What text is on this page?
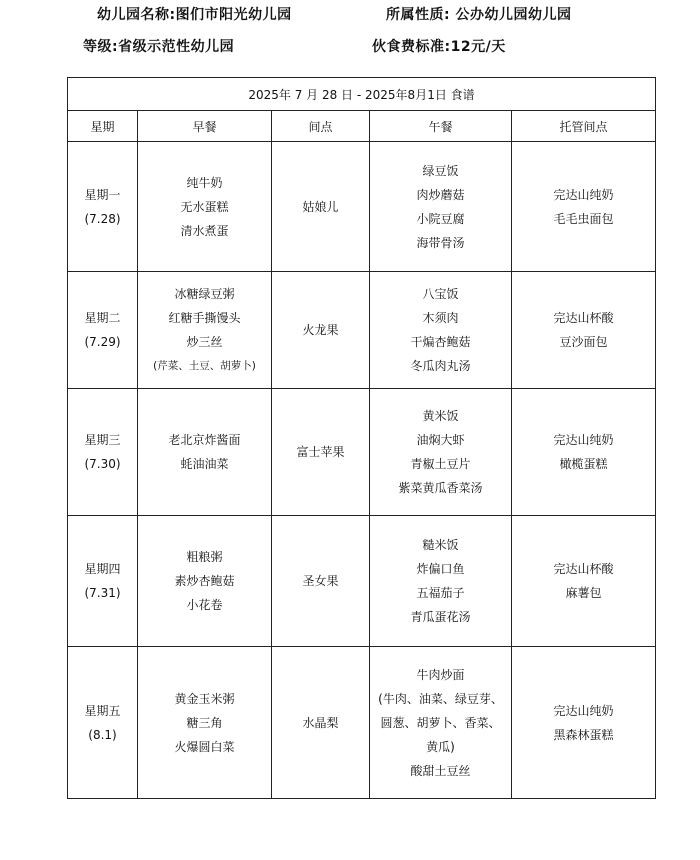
幼儿园名称:图们市阳光幼儿园	所属性质: 公办幼儿园幼儿园
等级:省级示范性幼儿园	伙食费标准:12元/天
2025年 7 月 28 日 - 2025年8月1日 食谱				
星期	早餐	间点	午餐	托管间点

星期一
(7.28)	纯牛奶
无水蛋糕
清水煮蛋	姑娘儿	绿豆饭
肉炒蘑菇
小院豆腐
海带骨汤	完达山纯奶
毛毛虫面包

星期二
(7.29)	冰糖绿豆粥
红糖手撕馒头
炒三丝
(芹菜、土豆、胡萝卜)	火龙果	八宝饭
木须肉
干煸杏鲍菇
冬瓜肉丸汤	完达山杯酸
豆沙面包

星期三
(7.30)	老北京炸酱面
蚝油油菜	富士苹果	黄米饭
油焖大虾
青椒土豆片
紫菜黄瓜香菜汤	完达山纯奶
橄榄蛋糕

星期四
(7.31)	粗粮粥
素炒杏鲍菇
小花卷	圣女果	糙米饭
炸偏口鱼
五福茄子
青瓜蛋花汤	完达山杯酸
麻薯包

星期五
(8.1)	黄金玉米粥
糖三角
火爆圆白菜	水晶梨	牛肉炒面
(牛肉、油菜、绿豆芽、
圆葱、胡萝卜、香菜、
黄瓜)
酸甜土豆丝	完达山纯奶
黑森林蛋糕
